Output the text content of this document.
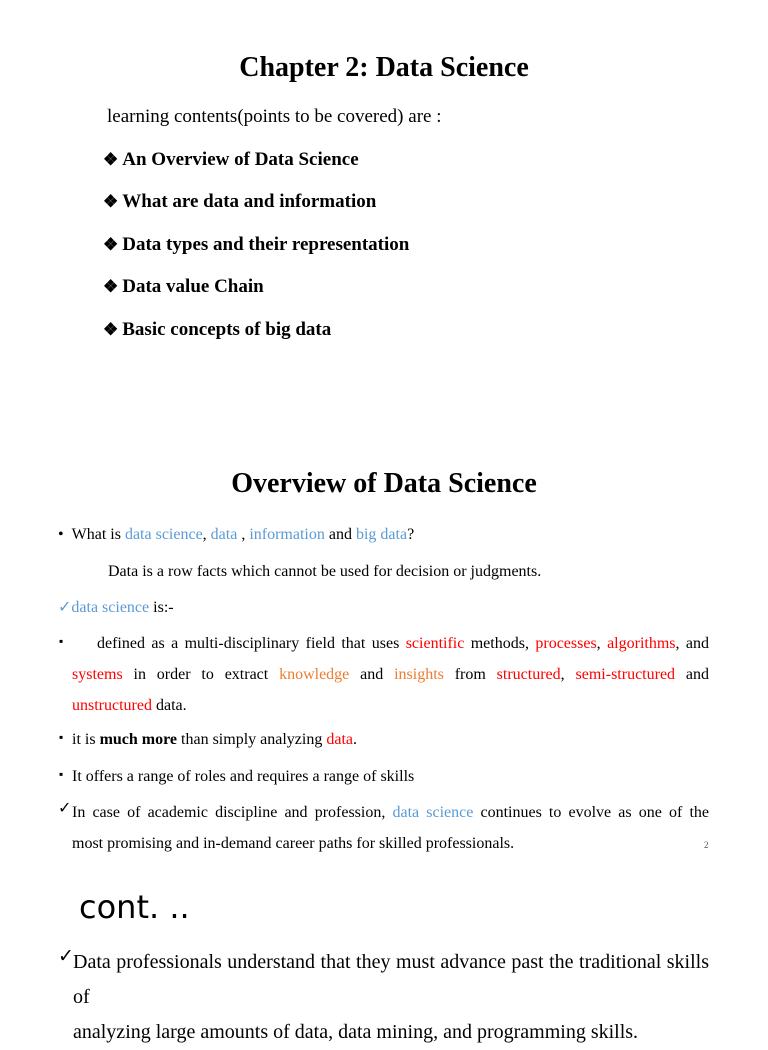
Chapter 2: Data Science
learning contents(points to be covered) are :
❖ An Overview of Data Science
❖ What are data and information
❖ Data types and their representation
❖ Data value Chain
❖ Basic concepts of big data
Overview of Data Science
• What is data science, data , information and big data?
Data is a row facts which cannot be used for decision or judgments.
✓data science is:-
▪	defined as a multi-disciplinary field that uses scientific methods, processes, algorithms, and
systems in order to extract knowledge and insights from structured, semi-structured and
unstructured data.
▪ it is much more than simply analyzing data.
▪ It offers a range of roles and requires a range of skills
✓ In case of academic discipline and profession, data science continues to evolve as one of the
most promising and in-demand career paths for skilled professionals.	2
cont. ..
✓ Data professionals understand that they must advance past the traditional skills of
analyzing large amounts of data, data mining, and programming skills.
